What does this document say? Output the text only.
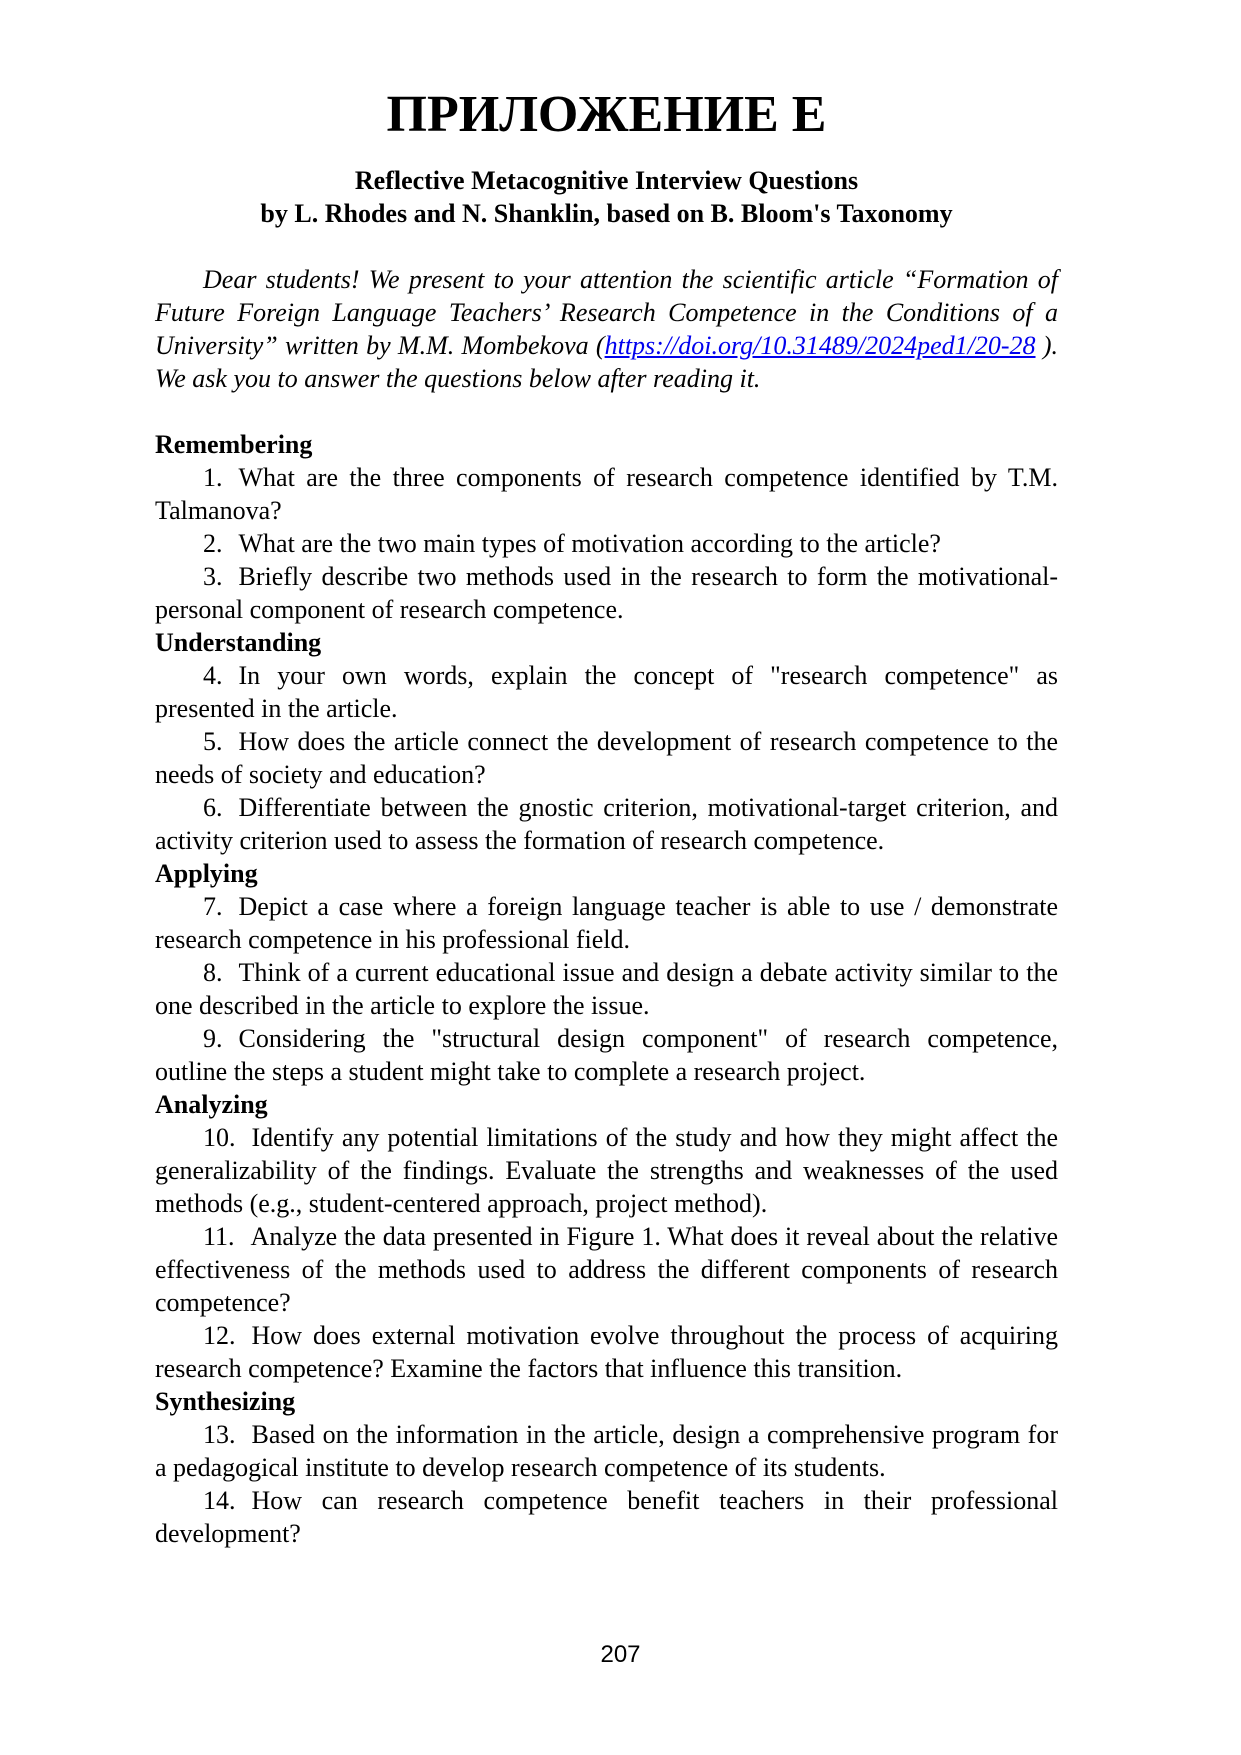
ПРИЛОЖЕНИЕ Е
Reflective Metacognitive Interview Questions
by L. Rhodes and N. Shanklin, based on B. Bloom's Taxonomy

Dear students! We present to your attention the scientific article “Formation of Future Foreign Language Teachers’ Research Competence in the Conditions of a University” written by M.M. Mombekova (https://doi.org/10.31489/2024ped1/20-28 ). We ask you to answer the questions below after reading it.

Remembering

1. What are the three components of research competence identified by T.M. Talmanova?

2. What are the two main types of motivation according to the article?

3. Briefly describe two methods used in the research to form the motivational-personal component of research competence.

Understanding

4. In your own words, explain the concept of "research competence" as presented in the article.

5. How does the article connect the development of research competence to the needs of society and education?

6. Differentiate between the gnostic criterion, motivational-target criterion, and activity criterion used to assess the formation of research competence.

Applying

7. Depict a case where a foreign language teacher is able to use / demonstrate research competence in his professional field.

8. Think of a current educational issue and design a debate activity similar to the one described in the article to explore the issue.

9. Considering the "structural design component" of research competence, outline the steps a student might take to complete a research project.

Analyzing

10. Identify any potential limitations of the study and how they might affect the generalizability of the findings. Evaluate the strengths and weaknesses of the used methods (e.g., student-centered approach, project method).

11. Analyze the data presented in Figure 1. What does it reveal about the relative effectiveness of the methods used to address the different components of research competence?

12. How does external motivation evolve throughout the process of acquiring research competence? Examine the factors that influence this transition.

Synthesizing

13. Based on the information in the article, design a comprehensive program for a pedagogical institute to develop research competence of its students.

14. How can research competence benefit teachers in their professional development?

207
